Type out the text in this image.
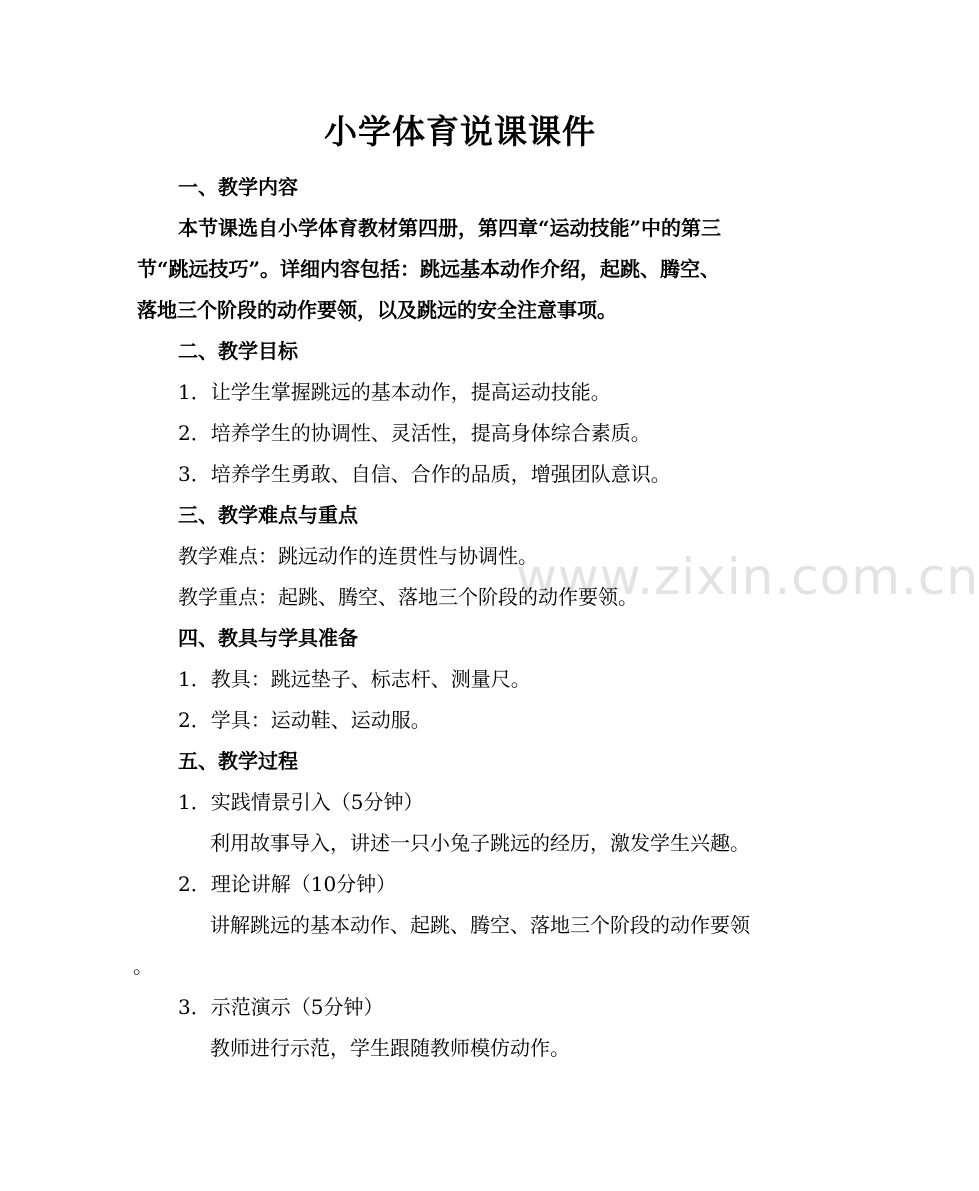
www.zixin.com.cn
小学体育说课课件
一、教学内容
本节课选自小学体育教材第四册，第四章“运动技能”中的第三
节“跳远技巧”。详细内容包括：跳远基本动作介绍，起跳、腾空、
落地三个阶段的动作要领，以及跳远的安全注意事项。
二、教学目标
1．让学生掌握跳远的基本动作，提高运动技能。
2．培养学生的协调性、灵活性，提高身体综合素质。
3．培养学生勇敢、自信、合作的品质，增强团队意识。
三、教学难点与重点
教学难点：跳远动作的连贯性与协调性。
教学重点：起跳、腾空、落地三个阶段的动作要领。
四、教具与学具准备
1．教具：跳远垫子、标志杆、测量尺。
2．学具：运动鞋、运动服。
五、教学过程
1．实践情景引入（5分钟）
利用故事导入，讲述一只小兔子跳远的经历，激发学生兴趣。
2．理论讲解（10分钟）
讲解跳远的基本动作、起跳、腾空、落地三个阶段的动作要领
。
3．示范演示（5分钟）
教师进行示范，学生跟随教师模仿动作。
